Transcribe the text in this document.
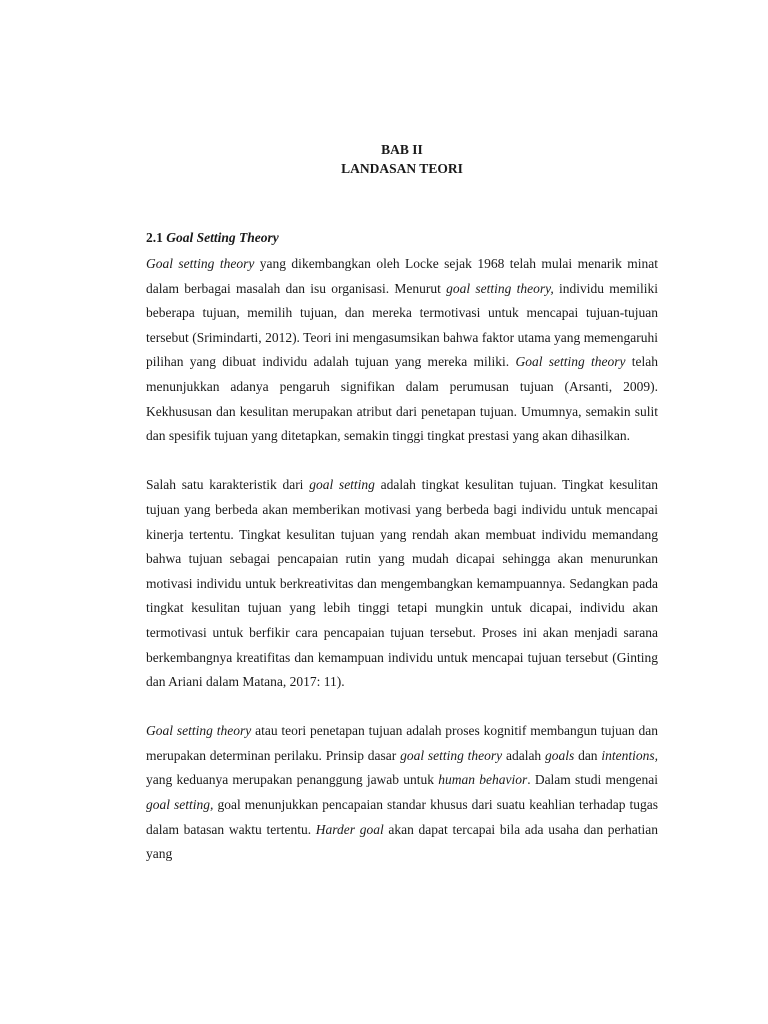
BAB II
LANDASAN TEORI
2.1 Goal Setting Theory

Goal setting theory yang dikembangkan oleh Locke sejak 1968 telah mulai menarik minat dalam berbagai masalah dan isu organisasi. Menurut goal setting theory, individu memiliki beberapa tujuan, memilih tujuan, dan mereka termotivasi untuk mencapai tujuan-tujuan tersebut (Srimindarti, 2012). Teori ini mengasumsikan bahwa faktor utama yang memengaruhi pilihan yang dibuat individu adalah tujuan yang mereka miliki. Goal setting theory telah menunjukkan adanya pengaruh signifikan dalam perumusan tujuan (Arsanti, 2009). Kekhususan dan kesulitan merupakan atribut dari penetapan tujuan. Umumnya, semakin sulit dan spesifik tujuan yang ditetapkan, semakin tinggi tingkat prestasi yang akan dihasilkan.

Salah satu karakteristik dari goal setting adalah tingkat kesulitan tujuan. Tingkat kesulitan tujuan yang berbeda akan memberikan motivasi yang berbeda bagi individu untuk mencapai kinerja tertentu. Tingkat kesulitan tujuan yang rendah akan membuat individu memandang bahwa tujuan sebagai pencapaian rutin yang mudah dicapai sehingga akan menurunkan motivasi individu untuk berkreativitas dan mengembangkan kemampuannya. Sedangkan pada tingkat kesulitan tujuan yang lebih tinggi tetapi mungkin untuk dicapai, individu akan termotivasi untuk berfikir cara pencapaian tujuan tersebut. Proses ini akan menjadi sarana berkembangnya kreatifitas dan kemampuan individu untuk mencapai tujuan tersebut (Ginting dan Ariani dalam Matana, 2017: 11).

Goal setting theory atau teori penetapan tujuan adalah proses kognitif membangun tujuan dan merupakan determinan perilaku. Prinsip dasar goal setting theory adalah goals dan intentions, yang keduanya merupakan penanggung jawab untuk human behavior. Dalam studi mengenai goal setting, goal menunjukkan pencapaian standar khusus dari suatu keahlian terhadap tugas dalam batasan waktu tertentu. Harder goal akan dapat tercapai bila ada usaha dan perhatian yang
